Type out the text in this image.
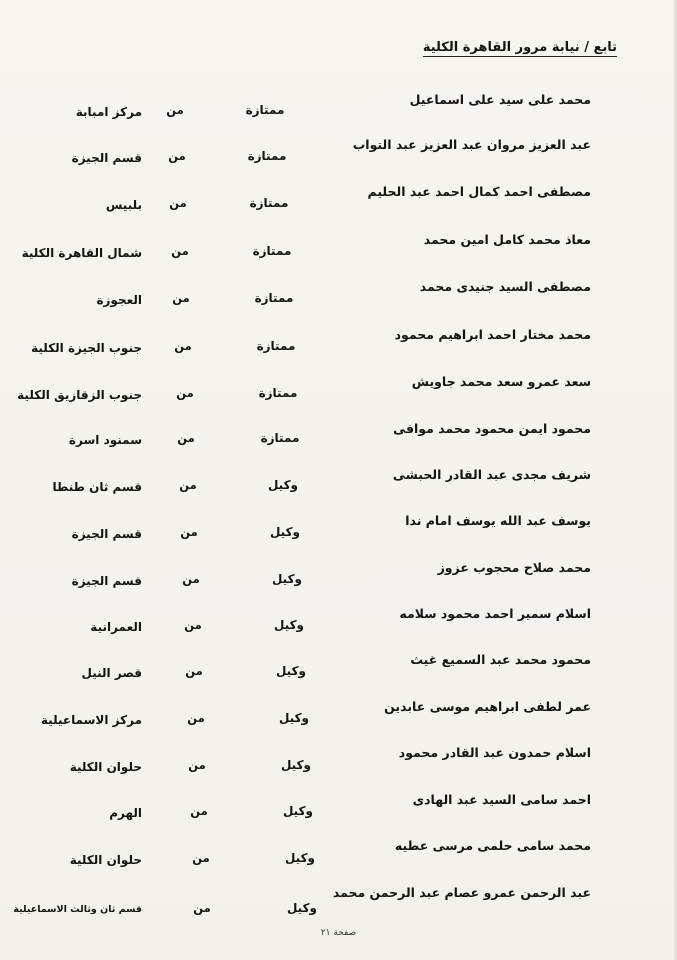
تابع / نيابة مرور القاهرة الكلية
محمد على سيد على اسماعيل
ممتازة
من
مركز امبابة
عبد العزيز مروان عبد العزيز عبد التواب
ممتازة
من
قسم الجيزة
مصطفى احمد كمال احمد عبد الحليم
ممتازة
من
بلبيس
معاذ محمد كامل امين محمد
ممتازة
من
شمال القاهرة الكلية
مصطفى السيد جنيدى محمد
ممتازة
من
العجوزة
محمد مختار احمد ابراهيم محمود
ممتازة
من
جنوب الجيزة الكلية
سعد عمرو سعد محمد جاويش
ممتازة
من
جنوب الزقازيق الكلية
محمود ايمن محمود محمد موافى
ممتازة
من
سمنود اسرة
شريف مجدى عبد القادر الحبشى
وكيل
من
قسم ثان طنطا
يوسف عبد الله يوسف امام ندا
وكيل
من
قسم الجيزة
محمد صلاح محجوب عزوز
وكيل
من
قسم الجيزة
اسلام سمير احمد محمود سلامه
وكيل
من
العمرانية
محمود محمد عبد السميع غيث
وكيل
من
قصر النيل
عمر لطفى ابراهيم موسى عابدين
وكيل
من
مركز الاسماعيلية
اسلام حمدون عبد القادر محمود
وكيل
من
حلوان الكلية
احمد سامى السيد عبد الهادى
وكيل
من
الهرم
محمد سامى حلمى مرسى عطيه
وكيل
من
حلوان الكلية
عبد الرحمن عمرو عصام عبد الرحمن محمد
وكيل
من
قسم ثان وثالث الاسماعيلية
صفحة ٢١
